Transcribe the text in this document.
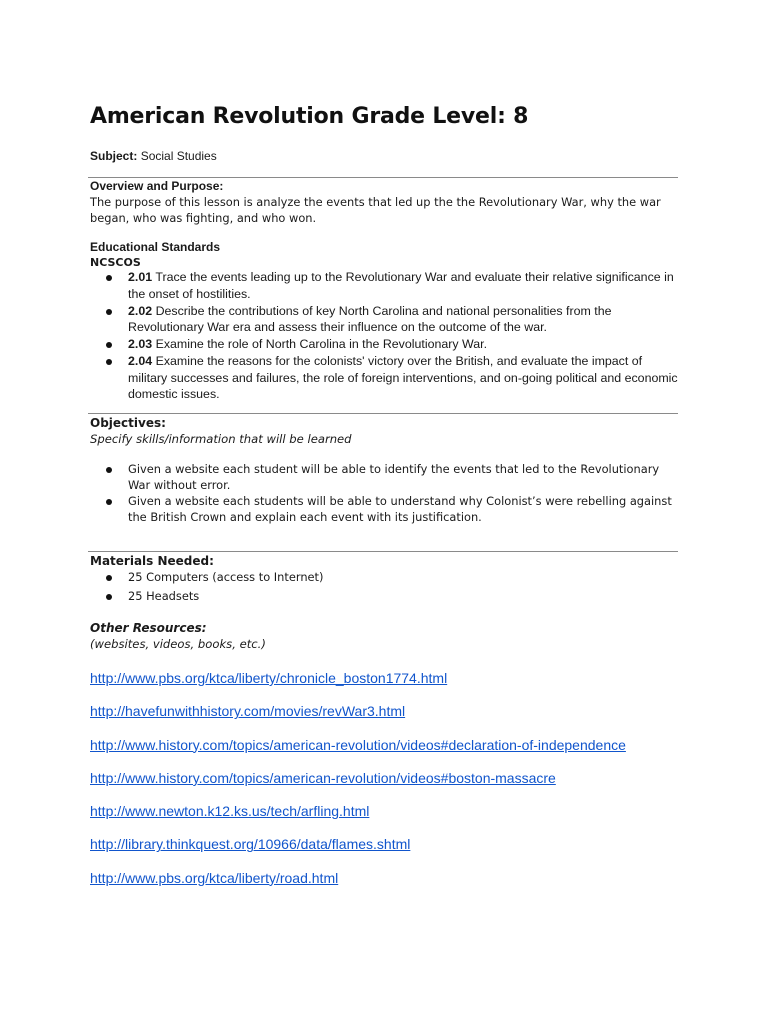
American Revolution Grade Level: 8
Subject: Social Studies
Overview and Purpose:

The purpose of this lesson is analyze the events that led up the the Revolutionary War, why the war began, who was fighting, and who won.

Educational Standards
NCSCOS
2.01 Trace the events leading up to the Revolutionary War and evaluate their relative significance in the onset of hostilities.
2.02 Describe the contributions of key North Carolina and national personalities from the Revolutionary War era and assess their influence on the outcome of the war.
2.03 Examine the role of North Carolina in the Revolutionary War.
2.04 Examine the reasons for the colonists' victory over the British, and evaluate the impact of military successes and failures, the role of foreign interventions, and on-going political and economic domestic issues.
Objectives:

Specify skills/information that will be learned

Given a website each student will be able to identify the events that led to the Revolutionary War without error.
Given a website each students will be able to understand why Colonist’s were rebelling against the British Crown and explain each event with its justification.
Materials Needed:
25 Computers (access to Internet)
25 Headsets
Other Resources:

(websites, videos, books, etc.)

http://www.pbs.org/ktca/liberty/chronicle_boston1774.html
http://havefunwithhistory.com/movies/revWar3.html
http://www.history.com/topics/american-revolution/videos#declaration-of-independence
http://www.history.com/topics/american-revolution/videos#boston-massacre
http://www.newton.k12.ks.us/tech/arfling.html
http://library.thinkquest.org/10966/data/flames.shtml
http://www.pbs.org/ktca/liberty/road.html
